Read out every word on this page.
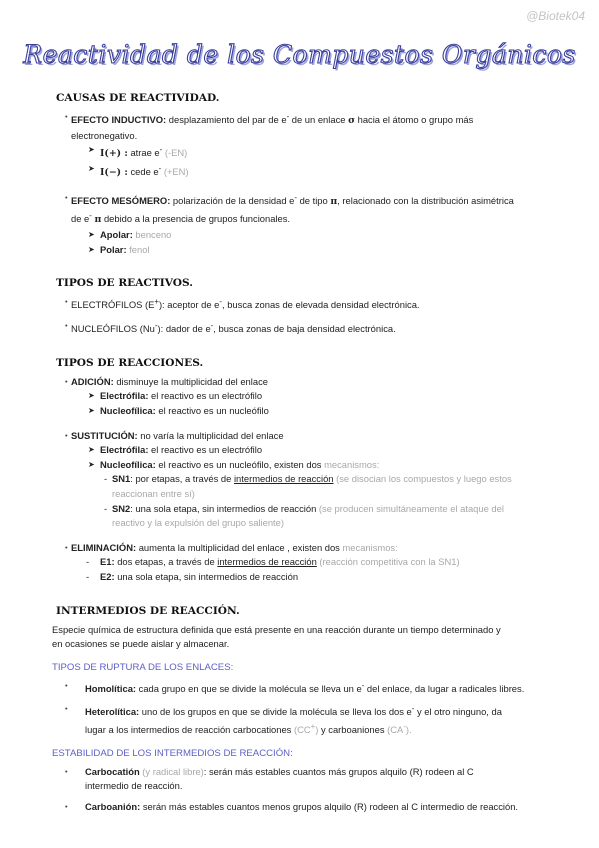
@Biotek04
Reactividad de los Compuestos Orgánicos

CAUSAS DE REACTIVIDAD.

• EFECTO INDUCTIVO: desplazamiento del par de e- de un enlace σ hacia el átomo o grupo más
electronegativo.
➤ I(+) : atrae e- (-EN)
➤ I(−) : cede e- (+EN)
• EFECTO MESÓMERO: polarización de la densidad e- de tipo π, relacionado con la distribución asimétrica
de e- π debido a la presencia de grupos funcionales.
➤ Apolar: benceno
➤ Polar: fenol

TIPOS DE REACTIVOS.

• ELECTRÓFILOS (E+): aceptor de e-, busca zonas de elevada densidad electrónica.
• NUCLEÓFILOS (Nu-): dador de e-, busca zonas de baja densidad electrónica.

TIPOS DE REACCIONES.

• ADICIÓN: disminuye la multiplicidad del enlace
➤ Electrófila: el reactivo es un electrófilo
➤ Nucleofílica: el reactivo es un nucleófilo
• SUSTITUCIÓN: no varía la multiplicidad del enlace
➤ Electrófila: el reactivo es un electrófilo
➤ Nucleofílica: el reactivo es un nucleófilo, existen dos mecanismos:
- SN1: por etapas, a través de intermedios de reacción (se disocian los compuestos y luego estos
reaccionan entre sí)
- SN2: una sola etapa, sin intermedios de reacción (se producen simultáneamente el ataque del
reactivo y la expulsión del grupo saliente)
• ELIMINACIÓN: aumenta la multiplicidad del enlace , existen dos mecanismos:
- E1: dos etapas, a través de intermedios de reacción (reacción competitiva con la SN1)
- E2: una sola etapa, sin intermedios de reacción

INTERMEDIOS DE REACCIÓN.

Especie química de estructura definida que está presente en una reacción durante un tiempo determinado y

en ocasiones se puede aislar y almacenar.

TIPOS DE RUPTURA DE LOS ENLACES:

• Homolítica: cada grupo en que se divide la molécula se lleva un e- del enlace, da lugar a radicales libres.
• Heterolítica: uno de los grupos en que se divide la molécula se lleva los dos e- y el otro ninguno, da
lugar a los intermedios de reacción carbocationes (CC+) y carboaniones (CA-).

ESTABILIDAD DE LOS INTERMEDIOS DE REACCIÓN:

• Carbocatión (y radical libre): serán más estables cuantos más grupos alquilo (R) rodeen al C
intermedio de reacción.
• Carboanión: serán más estables cuantos menos grupos alquilo (R) rodeen al C intermedio de reacción.
